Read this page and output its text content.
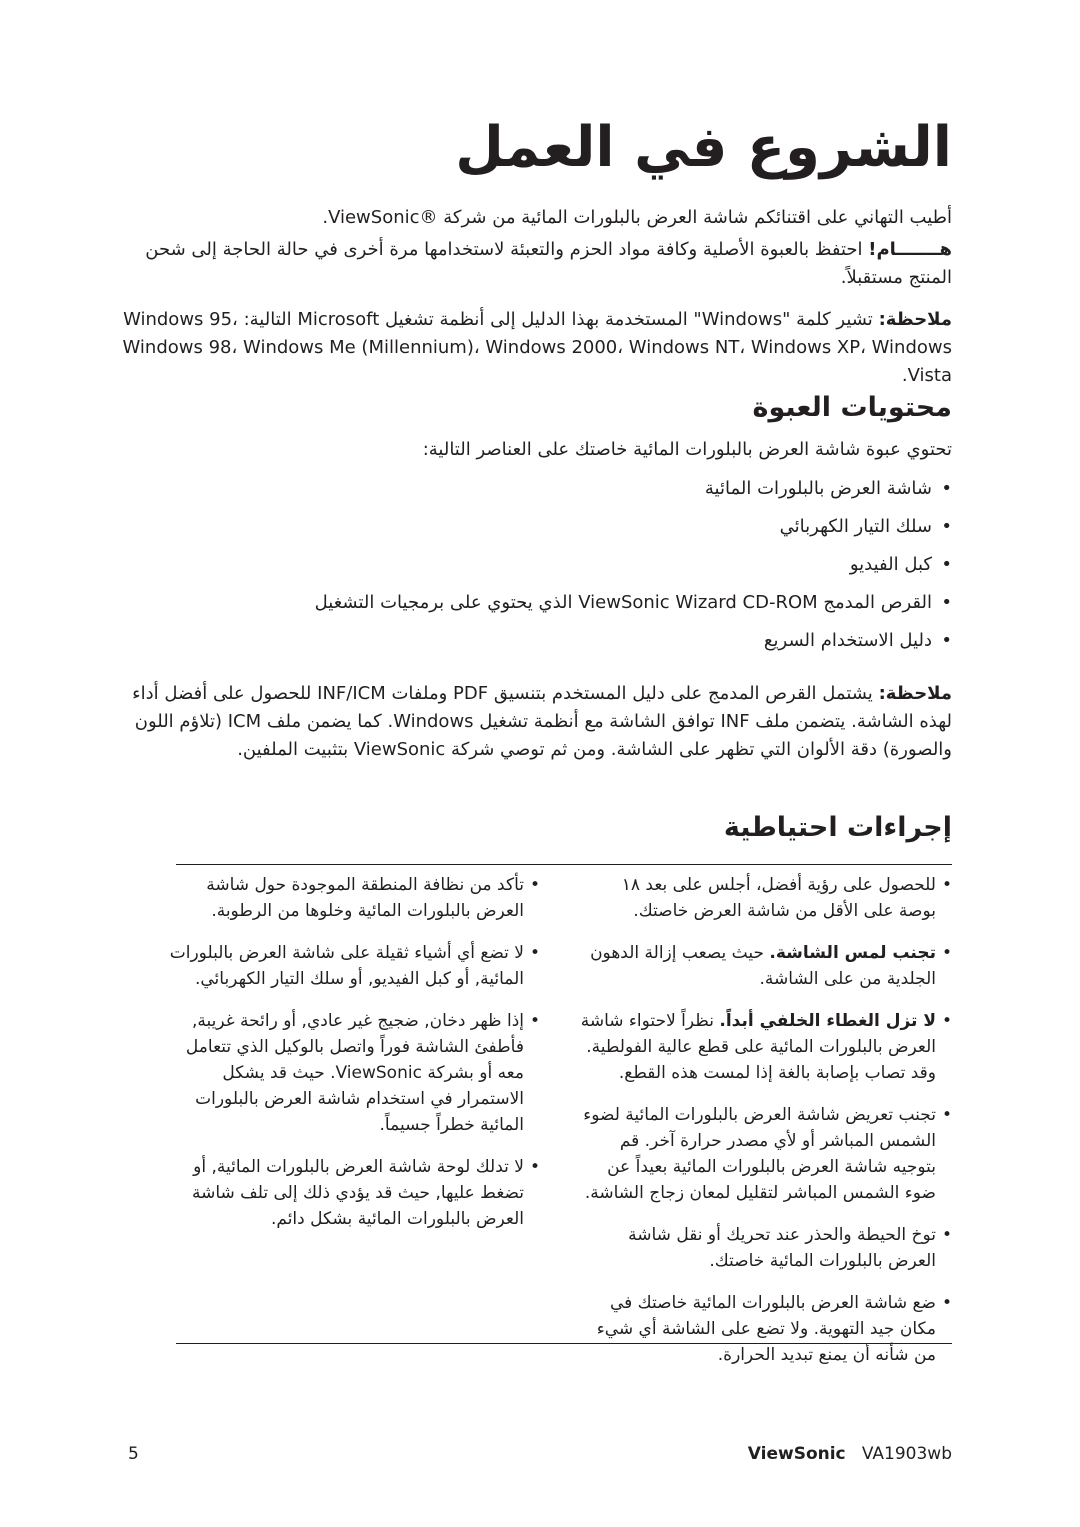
الشروع في العمل

أطيب التهاني على اقتنائكم شاشة العرض بالبلورات المائية من شركة ®ViewSonic.

هـــــــام! احتفظ بالعبوة الأصلية وكافة مواد الحزم والتعبئة لاستخدامها مرة أخرى في حالة الحاجة إلى شحن المنتج مستقبلاً.

ملاحظة: تشير كلمة "Windows" المستخدمة بهذا الدليل إلى أنظمة تشغيل Microsoft التالية: Windows 95، Windows 98، Windows Me (Millennium)، Windows 2000، Windows NT، Windows XP، Windows Vista.

محتويات العبوة
تحتوي عبوة شاشة العرض بالبلورات المائية خاصتك على العناصر التالية:
• شاشة العرض بالبلورات المائية
• سلك التيار الكهربائي
• كبل الفيديو
• القرص المدمج ViewSonic Wizard CD-ROM الذي يحتوي على برمجيات التشغيل
• دليل الاستخدام السريع

ملاحظة: يشتمل القرص المدمج على دليل المستخدم بتنسيق PDF وملفات INF/ICM للحصول على أفضل أداء لهذه الشاشة. يتضمن ملف INF توافق الشاشة مع أنظمة تشغيل Windows. كما يضمن ملف ICM (تلاؤم اللون والصورة) دقة الألوان التي تظهر على الشاشة. ومن ثم توصي شركة ViewSonic بتثبيت الملفين.

إجراءات احتياطية
• للحصول على رؤية أفضل، أجلس على بعد ١٨ بوصة على الأقل من شاشة العرض خاصتك.
• تجنب لمس الشاشة. حيث يصعب إزالة الدهون الجلدية من على الشاشة.
• لا تزل الغطاء الخلفي أبداً. نظراً لاحتواء شاشة العرض بالبلورات المائية على قطع عالية الفولطية. وقد تصاب بإصابة بالغة إذا لمست هذه القطع.
• تجنب تعريض شاشة العرض بالبلورات المائية لضوء الشمس المباشر أو لأي مصدر حرارة آخر. قم بتوجيه شاشة العرض بالبلورات المائية بعيداً عن ضوء الشمس المباشر لتقليل لمعان زجاج الشاشة.
• توخ الحيطة والحذر عند تحريك أو نقل شاشة العرض بالبلورات المائية خاصتك.
• ضع شاشة العرض بالبلورات المائية خاصتك في مكان جيد التهوية. ولا تضع على الشاشة أي شيء من شأنه أن يمنع تبديد الحرارة.
• تأكد من نظافة المنطقة الموجودة حول شاشة العرض بالبلورات المائية وخلوها من الرطوبة.
• لا تضع أي أشياء ثقيلة على شاشة العرض بالبلورات المائية, أو كبل الفيديو, أو سلك التيار الكهربائي.
• إذا ظهر دخان, ضجيج غير عادي, أو رائحة غريبة, فأطفئ الشاشة فوراً واتصل بالوكيل الذي تتعامل معه أو بشركة ViewSonic. حيث قد يشكل الاستمرار في استخدام شاشة العرض بالبلورات المائية خطراً جسيماً.
• لا تدلك لوحة شاشة العرض بالبلورات المائية, أو تضغط عليها, حيث قد يؤدي ذلك إلى تلف شاشة العرض بالبلورات المائية بشكل دائم.
5	ViewSonic VA1903wb
